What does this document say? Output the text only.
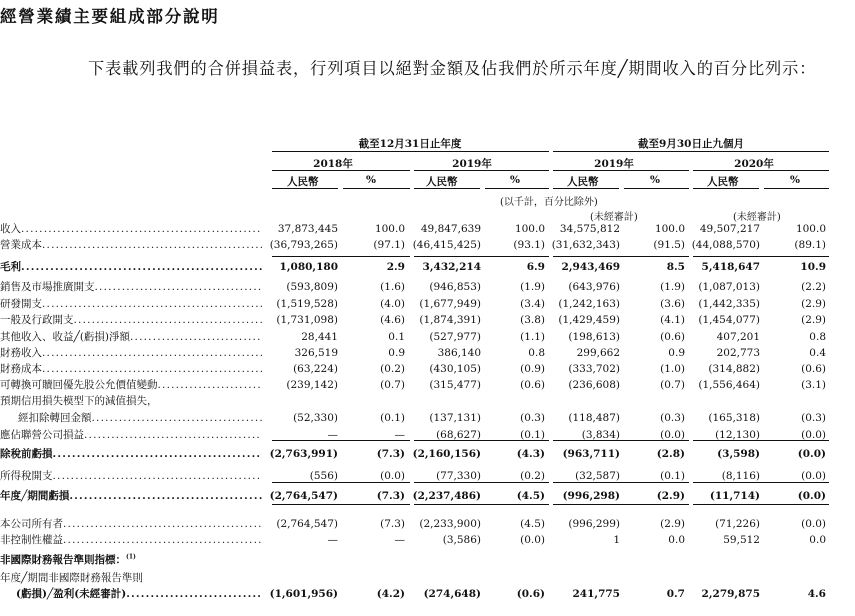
經營業績主要組成部分說明

下表載列我們的合併損益表，行列項目以絕對金額及佔我們於所示年度╱期間收入的百分比列示：

截至12月31日止年度	截至9月30日止九個月
2018年	2019年	2019年	2020年
人民幣	%	人民幣	%	人民幣	%	人民幣	%
(以千計，百分比除外)
(未經審計)	(未經審計)
收入 .....	37,873,445	100.0 49,847,639	100.0 34,575,812	100.0 49,507,217	100.0
營業成本 .....	(36,793,265)	(97.1) (46,415,425)	(93.1) (31,632,343)	(91.5) (44,088,570)	(89.1)
毛利 .....	1,080,180	2.9 3,432,214	6.9 2,943,469	8.5 5,418,647	10.9
銷售及市場推廣開支 .....	(593,809)	(1.6) (946,853)	(1.9) (643,976)	(1.9) (1,087,013)	(2.2)
研發開支 .....	(1,519,528)	(4.0) (1,677,949)	(3.4) (1,242,163)	(3.6) (1,442,335)	(2.9)
一般及行政開支 .....	(1,731,098)	(4.6) (1,874,391)	(3.8) (1,429,459)	(4.1) (1,454,077)	(2.9)
其他收入、收益╱(虧損)淨額 .....	28,441	0.1 (527,977)	(1.1) (198,613)	(0.6)	407,201	0.8
財務收入 .....	326,519	0.9	386,140	0.8	299,662	0.9	202,773	0.4
財務成本 .....	(63,224)	(0.2) (430,105)	(0.9) (333,702)	(1.0) (314,882)	(0.6)
可轉換可贖回優先股公允價值變動 .....	(239,142)	(0.7) (315,477)	(0.6) (236,608)	(0.7) (1,556,464)	(3.1)
預期信用損失模型下的減值損失，
經扣除轉回金額 .....	(52,330)	(0.1) (137,131)	(0.3) (118,487)	(0.3) (165,318)	(0.3)
應佔聯營公司損益 .....	—	—	(68,627)	(0.1)	(3,834)	(0.0)	(12,130)	(0.0)
除稅前虧損 .....	(2,763,991)	(7.3) (2,160,156)	(4.3) (963,711)	(2.8)	(3,598)	(0.0)
所得稅開支 .....	(556)	(0.0)	(77,330)	(0.2)	(32,587)	(0.1)	(8,116)	(0.0)
年度╱期間虧損 .....	(2,764,547)	(7.3) (2,237,486)	(4.5) (996,298)	(2.9) (11,714)	(0.0)
本公司所有者 .....	(2,764,547)	(7.3) (2,233,900)	(4.5) (996,299)	(2.9)	(71,226)	(0.0)
非控制性權益 .....	—	—	(3,586)	(0.0)	1	0.0	59,512	0.0
年度╱期間非國際財務報告準則
(虧損)╱盈利(未經審計) .....	(1,601,956)	(4.2) (274,648)	(0.6)	241,775	0.7 2,279,875	4.6
非國際財務報告準則指標：$^{(1)}$
